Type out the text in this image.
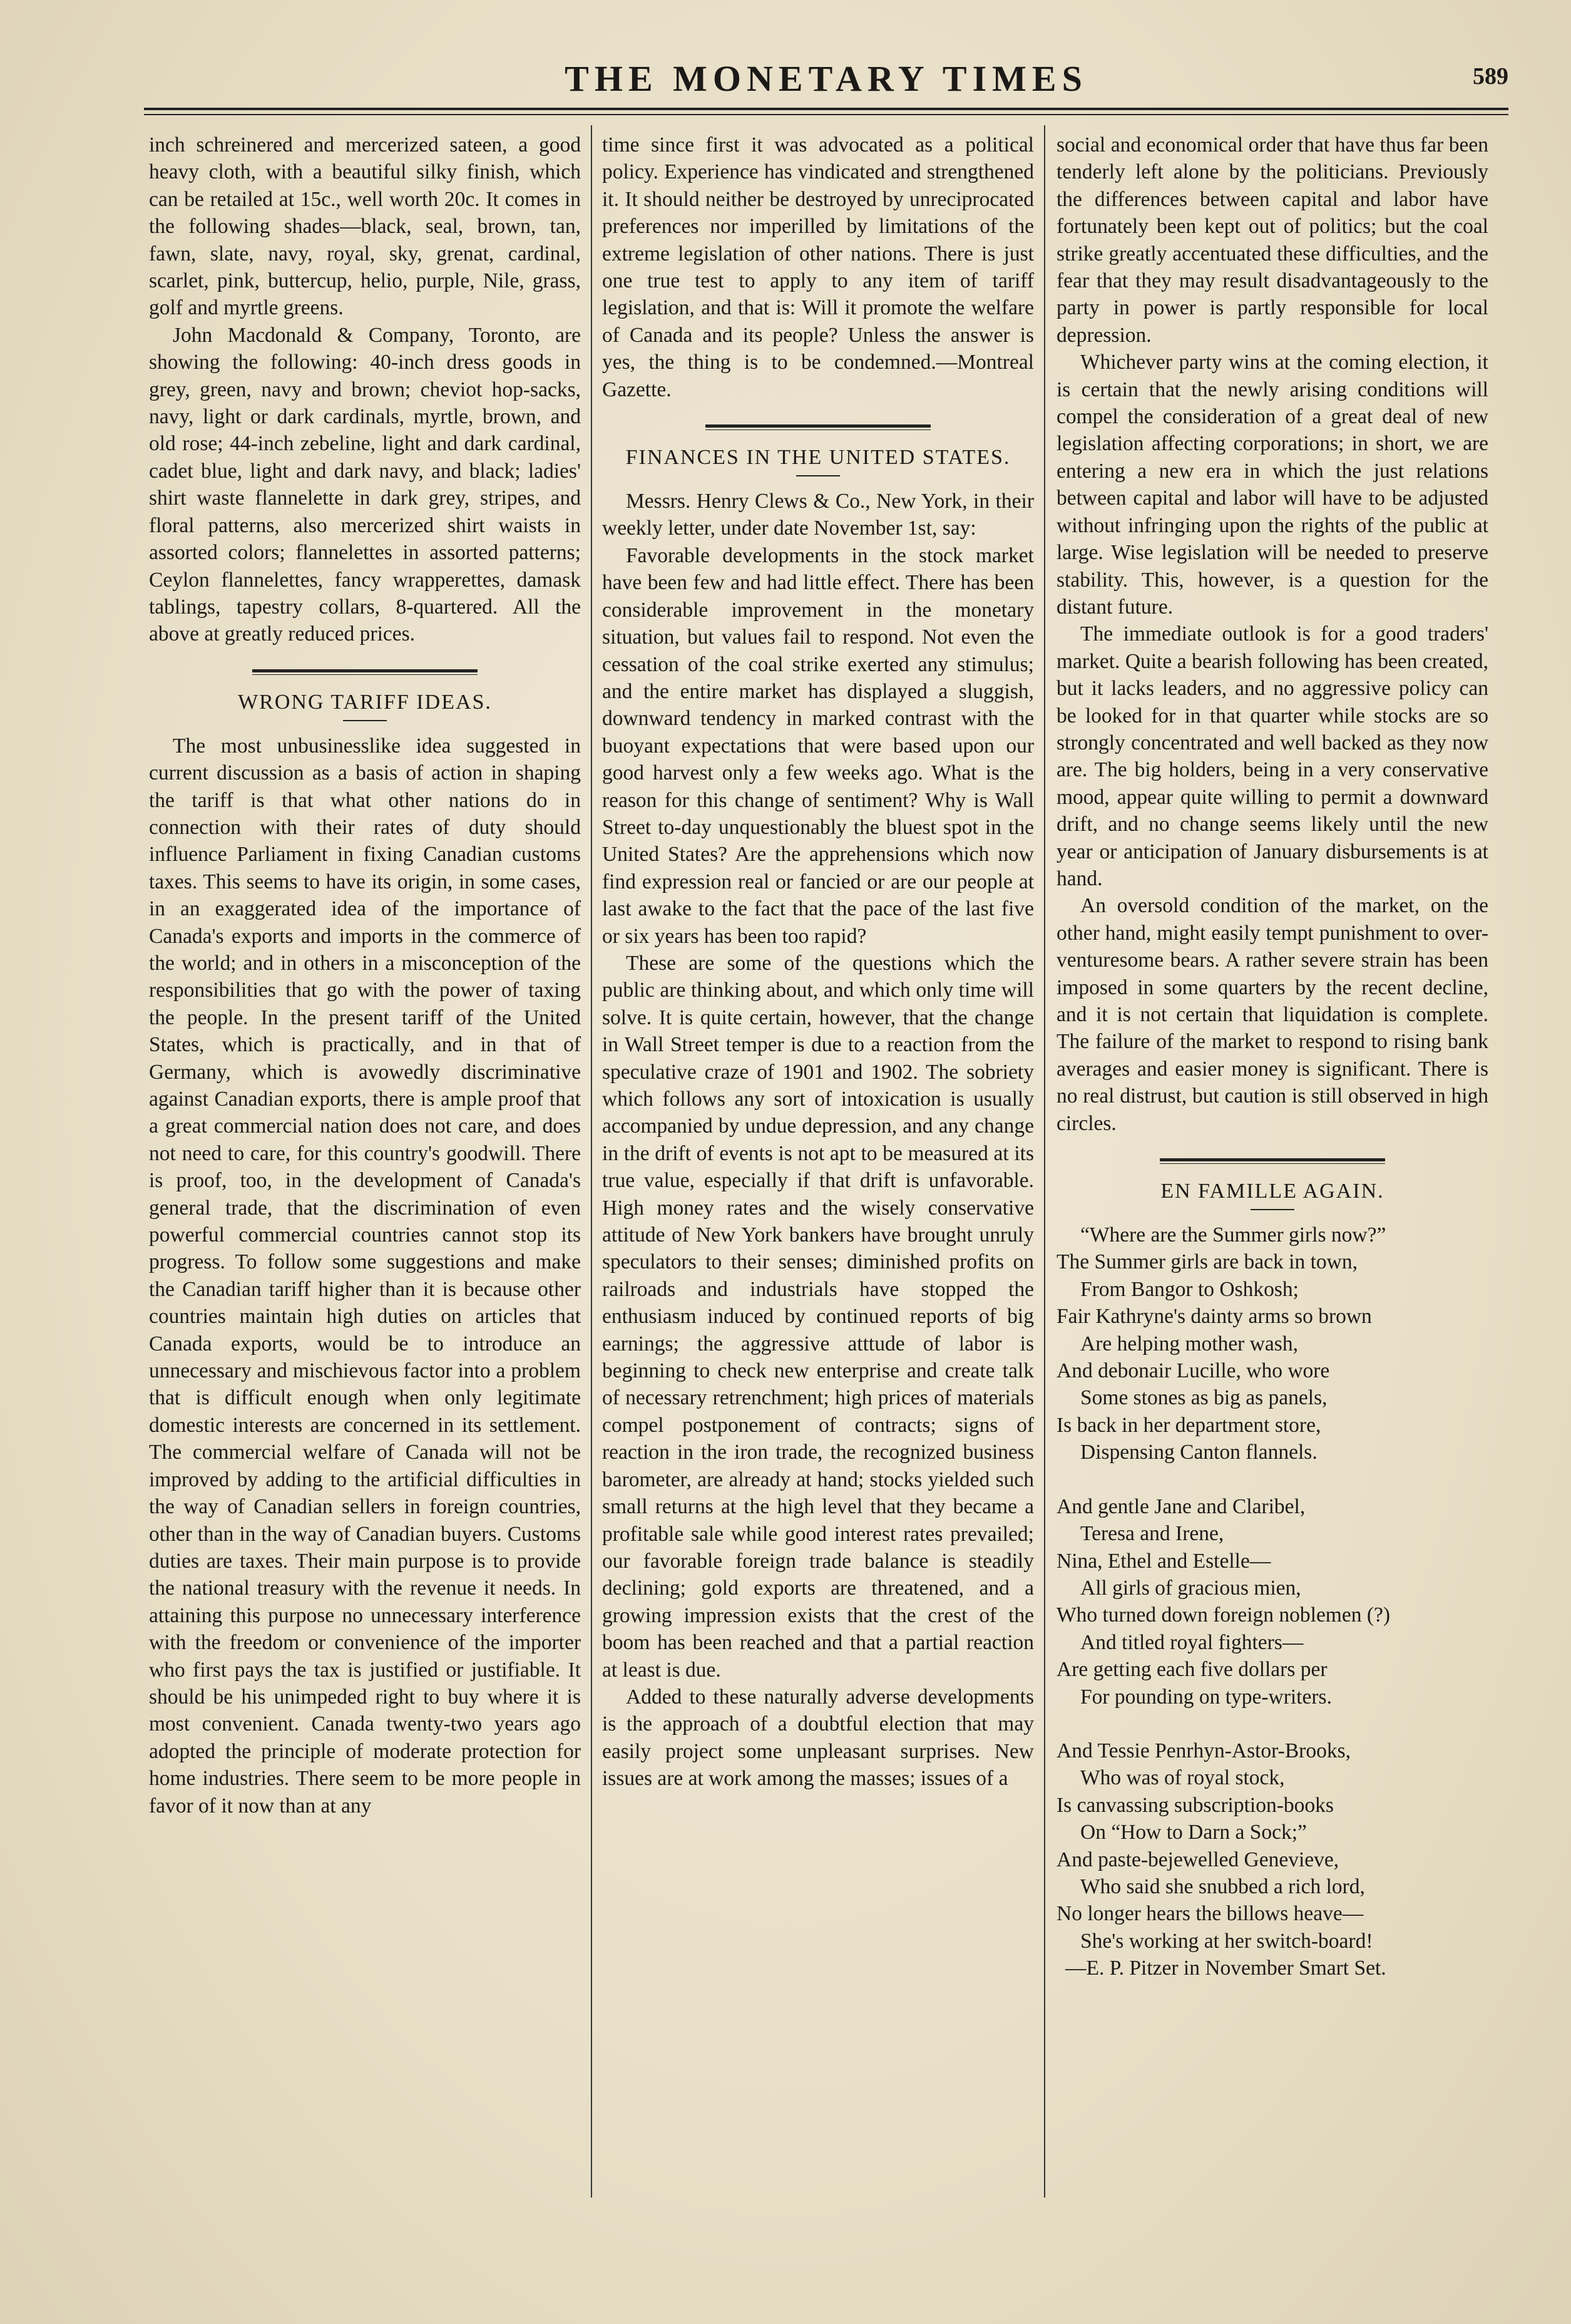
THE MONETARY TIMES	589

inch schreinered and mercerized sateen, a good heavy cloth, with a beautiful silky finish, which can be retailed at 15c., well worth 20c. It comes in the following shades—black, seal, brown, tan, fawn, slate, navy, royal, sky, grenat, cardinal, scarlet, pink, buttercup, helio, purple, Nile, grass, golf and myrtle greens.

John Macdonald & Company, Toronto, are showing the following: 40-inch dress goods in grey, green, navy and brown; cheviot hop-sacks, navy, light or dark cardinals, myrtle, brown, and old rose; 44-inch zebeline, light and dark cardinal, cadet blue, light and dark navy, and black; ladies' shirt waste flannelette in dark grey, stripes, and floral patterns, also mercerized shirt waists in assorted colors; flannelettes in assorted patterns; Ceylon flannelettes, fancy wrapperettes, damask tablings, tapestry collars, 8-quartered. All the above at greatly reduced prices.

WRONG TARIFF IDEAS.

The most unbusinesslike idea suggested in current discussion as a basis of action in shaping the tariff is that what other nations do in connection with their rates of duty should influence Parliament in fixing Canadian customs taxes. This seems to have its origin, in some cases, in an exaggerated idea of the importance of Canada's exports and imports in the commerce of the world; and in others in a misconception of the responsibilities that go with the power of taxing the people. In the present tariff of the United States, which is practically, and in that of Germany, which is avowedly discriminative against Canadian exports, there is ample proof that a great commercial nation does not care, and does not need to care, for this country's goodwill. There is proof, too, in the development of Canada's general trade, that the discrimination of even powerful commercial countries cannot stop its progress. To follow some suggestions and make the Canadian tariff higher than it is because other countries maintain high duties on articles that Canada exports, would be to introduce an unnecessary and mischievous factor into a problem that is difficult enough when only legitimate domestic interests are concerned in its settlement. The commercial welfare of Canada will not be improved by adding to the artificial difficulties in the way of Canadian sellers in foreign countries, other than in the way of Canadian buyers. Customs duties are taxes. Their main purpose is to provide the national treasury with the revenue it needs. In attaining this purpose no unnecessary interference with the freedom or convenience of the importer who first pays the tax is justified or justifiable. It should be his unimpeded right to buy where it is most convenient. Canada twenty-two years ago adopted the principle of moderate protection for home industries. There seem to be more people in favor of it now than at any

time since first it was advocated as a political policy. Experience has vindicated and strengthened it. It should neither be destroyed by unreciprocated preferences nor imperilled by limitations of the extreme legislation of other nations. There is just one true test to apply to any item of tariff legislation, and that is: Will it promote the welfare of Canada and its people? Unless the answer is yes, the thing is to be condemned.—Montreal Gazette.

FINANCES IN THE UNITED STATES.

Messrs. Henry Clews & Co., New York, in their weekly letter, under date November 1st, say:

Favorable developments in the stock market have been few and had little effect. There has been considerable improvement in the monetary situation, but values fail to respond. Not even the cessation of the coal strike exerted any stimulus; and the entire market has displayed a sluggish, downward tendency in marked contrast with the buoyant expectations that were based upon our good harvest only a few weeks ago. What is the reason for this change of sentiment? Why is Wall Street to-day unquestionably the bluest spot in the United States? Are the apprehensions which now find expression real or fancied or are our people at last awake to the fact that the pace of the last five or six years has been too rapid?

These are some of the questions which the public are thinking about, and which only time will solve. It is quite certain, however, that the change in Wall Street temper is due to a reaction from the speculative craze of 1901 and 1902. The sobriety which follows any sort of intoxication is usually accompanied by undue depression, and any change in the drift of events is not apt to be measured at its true value, especially if that drift is unfavorable. High money rates and the wisely conservative attitude of New York bankers have brought unruly speculators to their senses; diminished profits on railroads and industrials have stopped the enthusiasm induced by continued reports of big earnings; the aggressive atttude of labor is beginning to check new enterprise and create talk of necessary retrenchment; high prices of materials compel postponement of contracts; signs of reaction in the iron trade, the recognized business barometer, are already at hand; stocks yielded such small returns at the high level that they became a profitable sale while good interest rates prevailed; our favorable foreign trade balance is steadily declining; gold exports are threatened, and a growing impression exists that the crest of the boom has been reached and that a partial reaction at least is due.

Added to these naturally adverse developments is the approach of a doubtful election that may easily project some unpleasant surprises. New issues are at work among the masses; issues of a

social and economical order that have thus far been tenderly left alone by the politicians. Previously the differences between capital and labor have fortunately been kept out of politics; but the coal strike greatly accentuated these difficulties, and the fear that they may result disadvantageously to the party in power is partly responsible for local depression.

Whichever party wins at the coming election, it is certain that the newly arising conditions will compel the consideration of a great deal of new legislation affecting corporations; in short, we are entering a new era in which the just relations between capital and labor will have to be adjusted without infringing upon the rights of the public at large. Wise legislation will be needed to preserve stability. This, however, is a question for the distant future.

The immediate outlook is for a good traders' market. Quite a bearish following has been created, but it lacks leaders, and no aggressive policy can be looked for in that quarter while stocks are so strongly concentrated and well backed as they now are. The big holders, being in a very conservative mood, appear quite willing to permit a downward drift, and no change seems likely until the new year or anticipation of January disbursements is at hand.

An oversold condition of the market, on the other hand, might easily tempt punishment to over-venturesome bears. A rather severe strain has been imposed in some quarters by the recent decline, and it is not certain that liquidation is complete. The failure of the market to respond to rising bank averages and easier money is significant. There is no real distrust, but caution is still observed in high circles.

EN FAMILLE AGAIN.
“Where are the Summer girls now?”
The Summer girls are back in town,
From Bangor to Oshkosh;
Fair Kathryne's dainty arms so brown
Are helping mother wash,
And debonair Lucille, who wore
Some stones as big as panels,
Is back in her department store,
Dispensing Canton flannels.
And gentle Jane and Claribel,
Teresa and Irene,
Nina, Ethel and Estelle—
All girls of gracious mien,
Who turned down foreign noblemen (?)
And titled royal fighters—
Are getting each five dollars per
For pounding on type-writers.
And Tessie Penrhyn-Astor-Brooks,
Who was of royal stock,
Is canvassing subscription-books
On “How to Darn a Sock;”
And paste-bejewelled Genevieve,
Who said she snubbed a rich lord,
No longer hears the billows heave—
She's working at her switch-board!
—E. P. Pitzer in November Smart Set.
